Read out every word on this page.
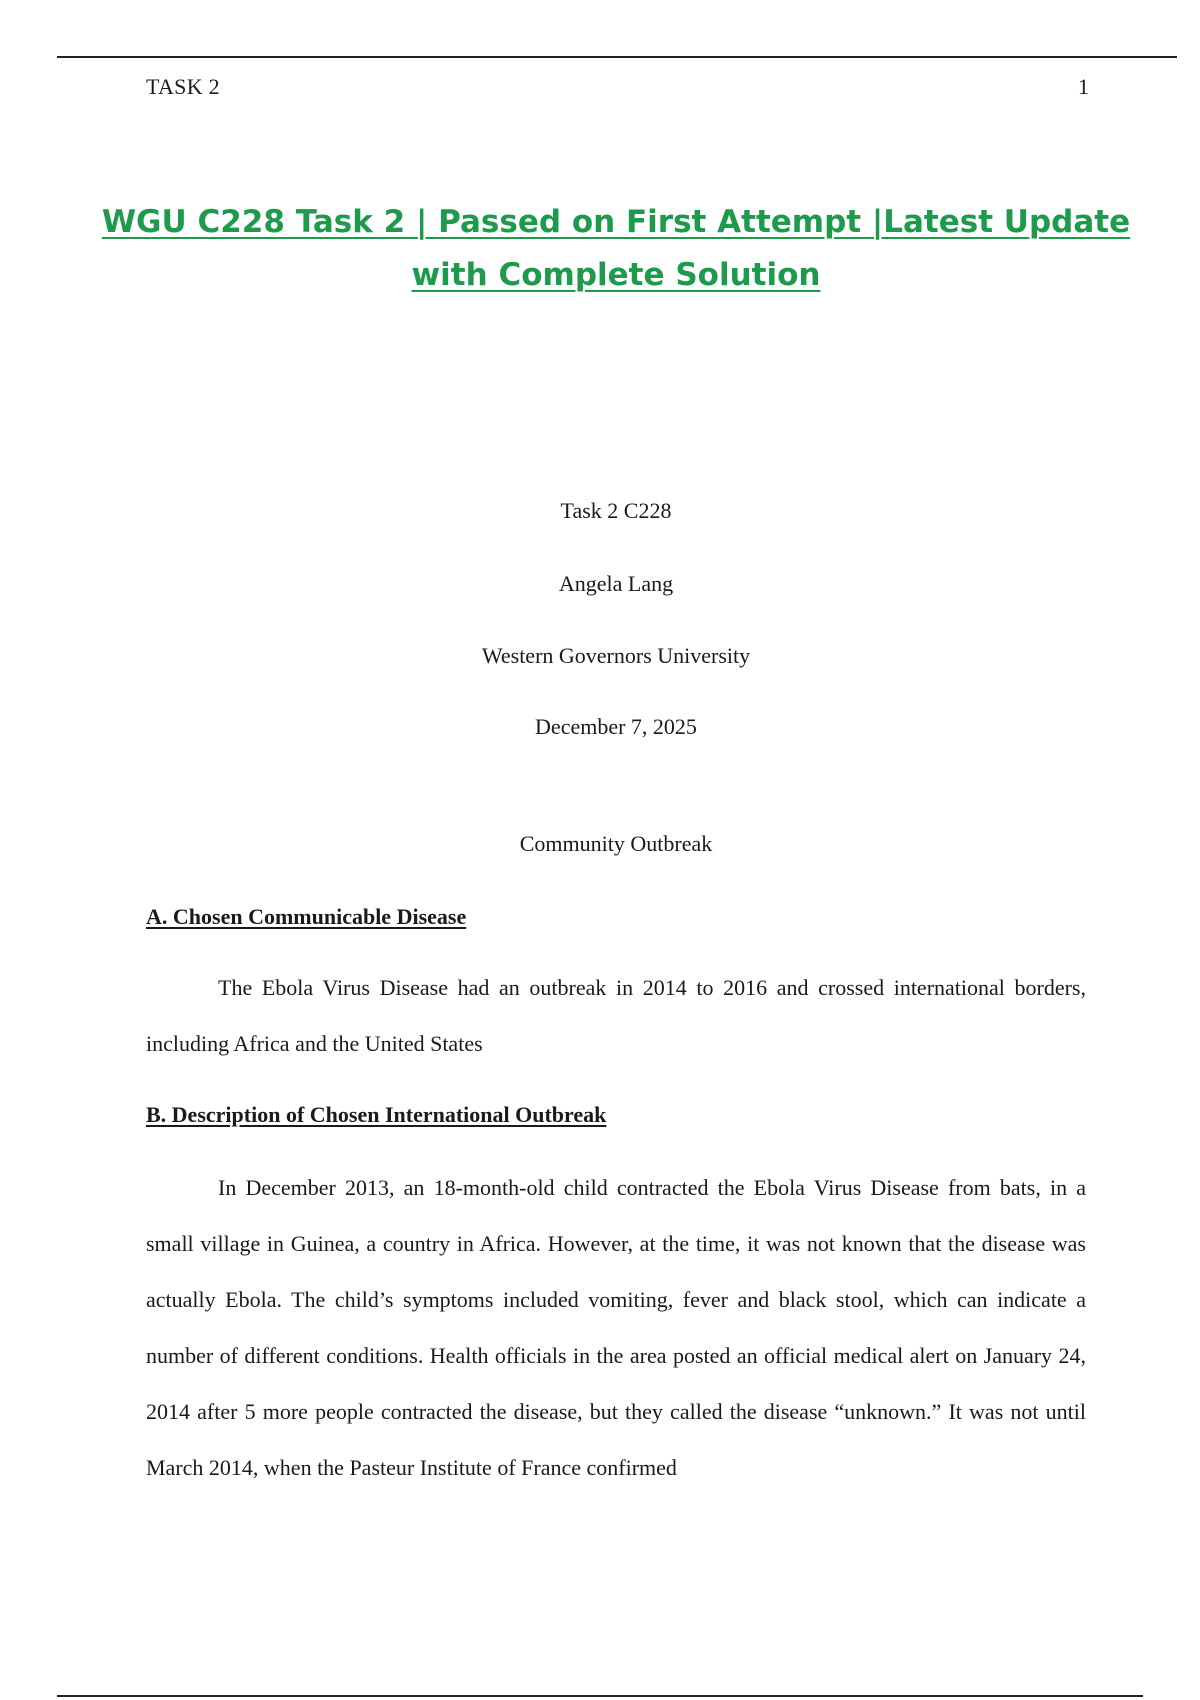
TASK 2	1
WGU C228 Task 2 | Passed on First Attempt |Latest Update
with Complete Solution
Task 2 C228
Angela Lang
Western Governors University
December 7, 2025
Community Outbreak
A. Chosen Communicable Disease

The Ebola Virus Disease had an outbreak in 2014 to 2016 and crossed international borders, including Africa and the United States

B. Description of Chosen International Outbreak

In December 2013, an 18-month-old child contracted the Ebola Virus Disease from bats, in a small village in Guinea, a country in Africa. However, at the time, it was not known that the disease was actually Ebola. The child’s symptoms included vomiting, fever and black stool, which can indicate a number of different conditions. Health officials in the area posted an official medical alert on January 24, 2014 after 5 more people contracted the disease, but they called the disease “unknown.” It was not until March 2014, when the Pasteur Institute of France confirmed
